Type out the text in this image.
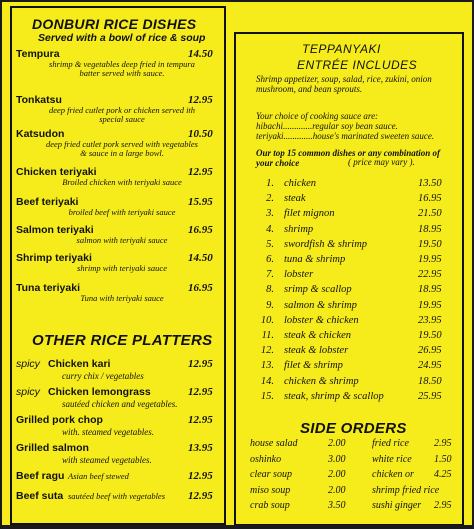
DONBURI RICE DISHES
Served with a bowl of rice & soup
Tempura	14.50
shrimp & vegetables deep fried in tempura batter served with sauce.
Tonkatsu	12.95
deep fried cutlet pork or chicken served ith special sauce
Katsudon	10.50
deep fried cutlet pork served with vegetables & sauce in a large bowl.
Chicken teriyaki	12.95
Broiled chicken with teriyaki sauce
Beef teriyaki	15.95
broiled beef with teriyaki sauce
Salmon teriyaki	16.95
salmon with teriyaki sauce
Shrimp teriyaki	14.50
shrimp with teriyaki sauce
Tuna teriyaki	16.95
Tuna with teriyaki sauce
OTHER RICE PLATTERS
spicy Chicken kari	12.95
curry chix / vegetables
spicy Chicken lemongrass	12.95
sautéed chicken and vegetables.
Grilled pork chop	12.95
with. steamed vegetables.
Grilled salmon	13.95
with steamed vegetables.
Beef ragu	12.95
Asian beef stewed
Beef suta	12.95
sautéed beef with vegetables
TEPPANYAKI
ENTRÉE INCLUDES
Shrimp appetizer, soup, salad, rice, zukini, onion mushroom, and bean sprouts.
Your choice of cooking sauce are:
hibachi.............regular soy bean sauce.
teriyaki.............house's marinated sweeten sauce.
Our top 15 common dishes or any combination of your choice	( price may vary ).
1. chicken	13.50
2. steak	16.95
3. filet mignon	21.50
4. shrimp	18.95
5. swordfish & shrimp	19.50
6. tuna & shrimp	19.95
7. lobster	22.95
8. srimp & scallop	18.95
9. salmon & shrimp	19.95
10. lobster & chicken	23.95
11. steak & chicken	19.50
12. steak & lobster	26.95
13. filet & shrimp	24.95
14. chicken & shrimp	18.50
15. steak, shrimp & scallop	25.95
SIDE ORDERS
house salad	2.00	fried rice	2.95
oshinko	3.00	white rice 1.50
clear soup	2.00	chicken or 4.25
miso soup	2.00	shrimp fried rice
crab soup	3.50	sushi ginger 2.95
